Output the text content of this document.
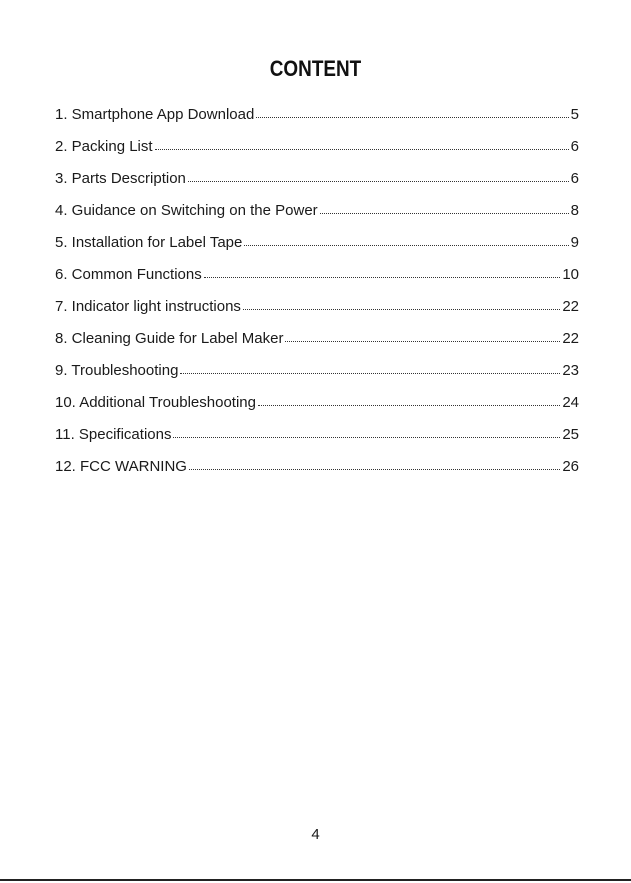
CONTENT
1. Smartphone App Download	5
2. Packing List	6
3. Parts Description	6
4. Guidance on Switching on the Power	8
5. Installation for Label Tape	9
6. Common Functions	10
7. Indicator light instructions	22
8. Cleaning Guide for Label Maker	22
9. Troubleshooting	23
10. Additional Troubleshooting	24
11. Specifications	25
12. FCC WARNING	26
4
